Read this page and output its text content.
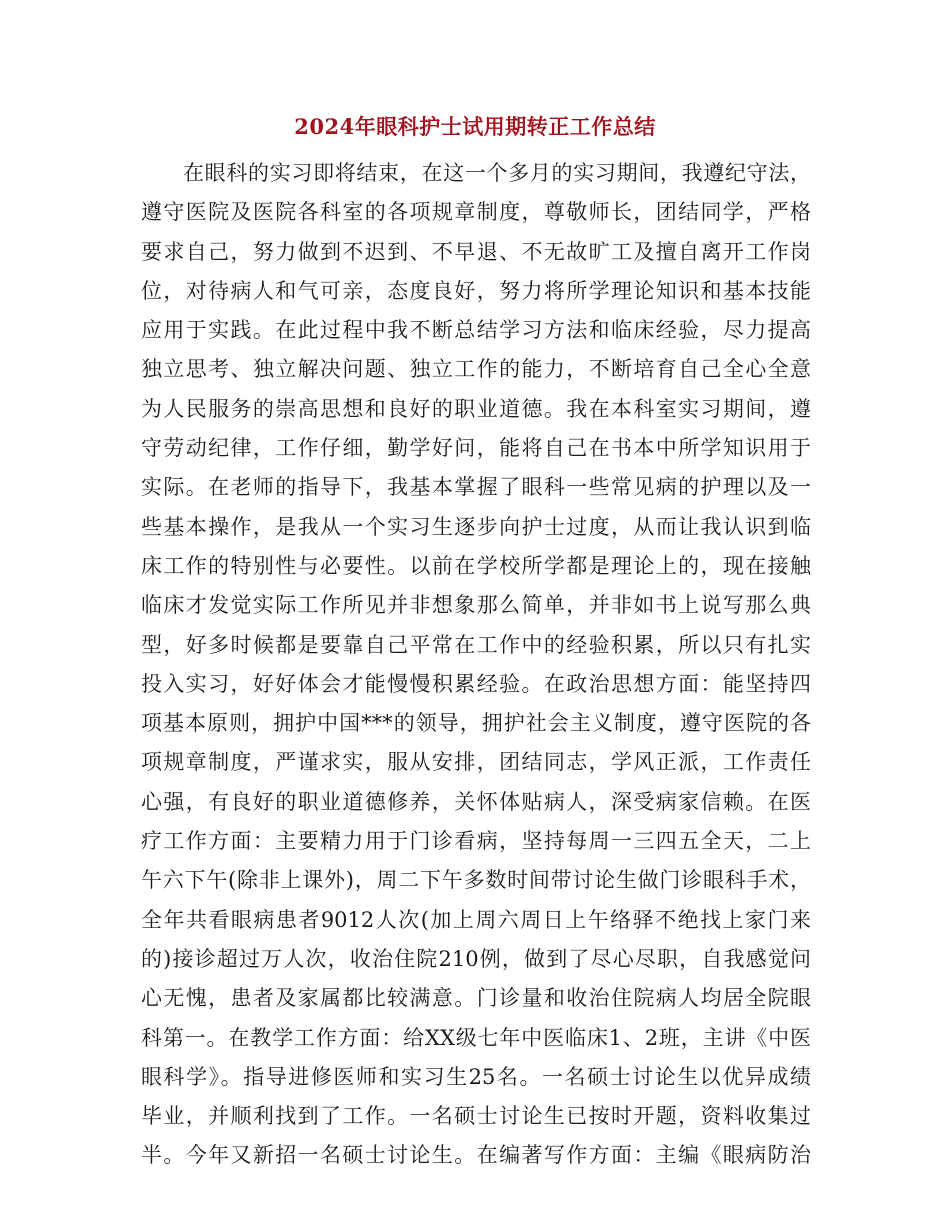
2024年眼科护士试用期转正工作总结
在眼科的实习即将结束，在这一个多月的实习期间，我遵纪守法，
遵守医院及医院各科室的各项规章制度，尊敬师长，团结同学，严格
要求自己，努力做到不迟到、不早退、不无故旷工及擅自离开工作岗
位，对待病人和气可亲，态度良好，努力将所学理论知识和基本技能
应用于实践。在此过程中我不断总结学习方法和临床经验，尽力提高
独立思考、独立解决问题、独立工作的能力，不断培育自己全心全意
为人民服务的崇高思想和良好的职业道德。我在本科室实习期间，遵
守劳动纪律，工作仔细，勤学好问，能将自己在书本中所学知识用于
实际。在老师的指导下，我基本掌握了眼科一些常见病的护理以及一
些基本操作，是我从一个实习生逐步向护士过度，从而让我认识到临
床工作的特别性与必要性。以前在学校所学都是理论上的，现在接触
临床才发觉实际工作所见并非想象那么简单，并非如书上说写那么典
型，好多时候都是要靠自己平常在工作中的经验积累，所以只有扎实
投入实习，好好体会才能慢慢积累经验。在政治思想方面：能坚持四
项基本原则，拥护中国***的领导，拥护社会主义制度，遵守医院的各
项规章制度，严谨求实，服从安排，团结同志，学风正派，工作责任
心强，有良好的职业道德修养，关怀体贴病人，深受病家信赖。在医
疗工作方面：主要精力用于门诊看病，坚持每周一三四五全天，二上
午六下午(除非上课外)，周二下午多数时间带讨论生做门诊眼科手术，
全年共看眼病患者9012人次(加上周六周日上午络驿不绝找上家门来
的)接诊超过万人次，收治住院210例，做到了尽心尽职，自我感觉问
心无愧，患者及家属都比较满意。门诊量和收治住院病人均居全院眼
科第一。在教学工作方面：给XX级七年中医临床1、2班，主讲《中医
眼科学》。指导进修医师和实习生25名。一名硕士讨论生以优异成绩
毕业，并顺利找到了工作。一名硕士讨论生已按时开题，资料收集过
半。今年又新招一名硕士讨论生。在编著写作方面：主编《眼病防治
